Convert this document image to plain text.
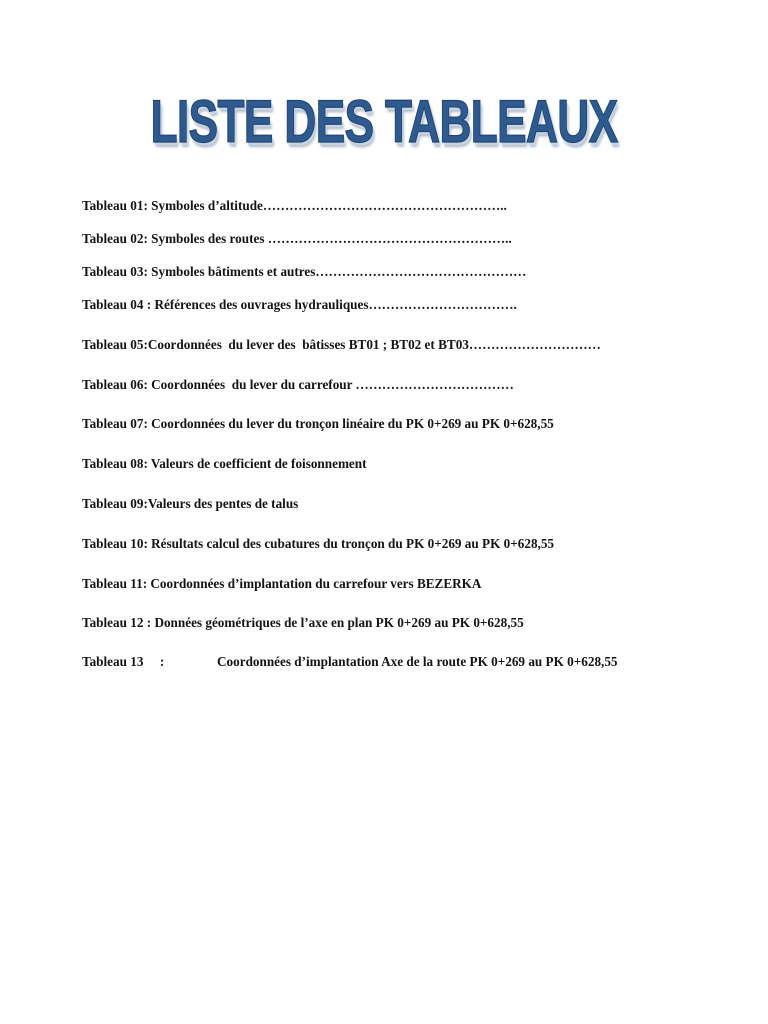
LISTE DES TABLEAUX
Tableau 01: Symboles d’altitude………………………………………………..
Tableau 02: Symboles des routes ………………………………………………..
Tableau 03: Symboles bâtiments et autres…………………………………………
Tableau 04 : Références des ouvrages hydrauliques…………………………….
Tableau 05:Coordonnées  du lever des  bâtisses BT01 ; BT02 et BT03…………………………
Tableau 06: Coordonnées  du lever du carrefour ………………………………
Tableau 07: Coordonnées du lever du tronçon linéaire du PK 0+269 au PK 0+628,55
Tableau 08: Valeurs de coefficient de foisonnement
Tableau 09:Valeurs des pentes de talus
Tableau 10: Résultats calcul des cubatures du tronçon du PK 0+269 au PK 0+628,55
Tableau 11: Coordonnées d’implantation du carrefour vers BEZERKA
Tableau 12 : Données géométriques de l’axe en plan PK 0+269 au PK 0+628,55
Tableau 13     :	Coordonnées d’implantation Axe de la route PK 0+269 au PK 0+628,55
